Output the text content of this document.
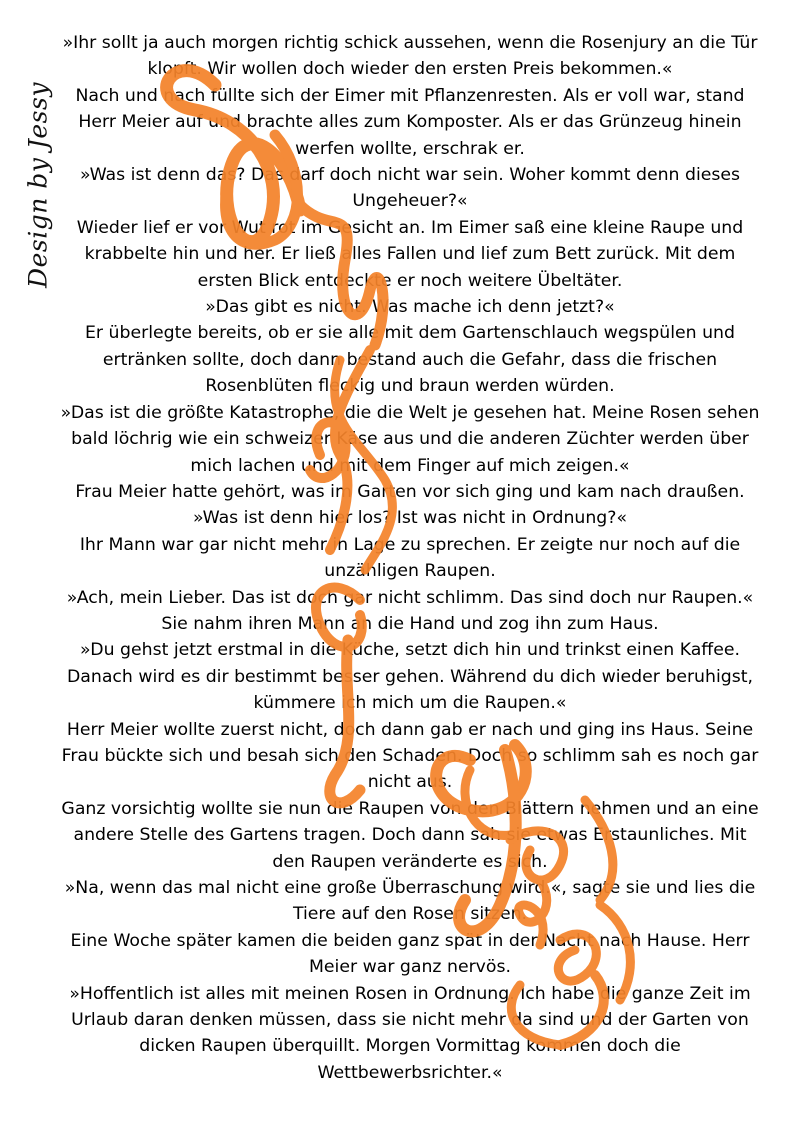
Design by Jessy
»Ihr sollt ja auch morgen richtig schick aussehen, wenn die Rosenjury an die Tür klopft. Wir wollen doch wieder den ersten Preis bekommen.«
Nach und nach füllte sich der Eimer mit Pflanzenresten. Als er voll war, stand Herr Meier auf und brachte alles zum Komposter. Als er das Grünzeug hinein werfen wollte, erschrak er.
»Was ist denn das? Das darf doch nicht war sein. Woher kommt denn dieses Ungeheuer?«
Wieder lief er vor Wut rot im Gesicht an. Im Eimer saß eine kleine Raupe und krabbelte hin und her. Er ließ alles Fallen und lief zum Bett zurück. Mit dem ersten Blick entdeckte er noch weitere Übeltäter.
»Das gibt es nicht. Was mache ich denn jetzt?«
Er überlegte bereits, ob er sie alle mit dem Gartenschlauch wegspülen und ertränken sollte, doch dann bestand auch die Gefahr, dass die frischen Rosenblüten fleckig und braun werden würden.
»Das ist die größte Katastrophe, die die Welt je gesehen hat. Meine Rosen sehen bald löchrig wie ein schweizer Käse aus und die anderen Züchter werden über mich lachen und mit dem Finger auf mich zeigen.«
Frau Meier hatte gehört, was im Garten vor sich ging und kam nach draußen.
»Was ist denn hier los? Ist was nicht in Ordnung?«
Ihr Mann war gar nicht mehr in Lage zu sprechen. Er zeigte nur noch auf die unzähligen Raupen.
»Ach, mein Lieber. Das ist doch gar nicht schlimm. Das sind doch nur Raupen.«
Sie nahm ihren Mann an die Hand und zog ihn zum Haus.
»Du gehst jetzt erstmal in die Küche, setzt dich hin und trinkst einen Kaffee. Danach wird es dir bestimmt besser gehen. Während du dich wieder beruhigst, kümmere ich mich um die Raupen.«
Herr Meier wollte zuerst nicht, doch dann gab er nach und ging ins Haus. Seine Frau bückte sich und besah sich den Schaden. Doch so schlimm sah es noch gar nicht aus.
Ganz vorsichtig wollte sie nun die Raupen von den Blättern nehmen und an eine andere Stelle des Gartens tragen. Doch dann sah sie etwas Erstaunliches. Mit den Raupen veränderte es sich.
»Na, wenn das mal nicht eine große Überraschung wird.«, sagte sie und lies die Tiere auf den Rosen sitzen.
Eine Woche später kamen die beiden ganz spät in der Nacht nach Hause. Herr Meier war ganz nervös.
»Hoffentlich ist alles mit meinen Rosen in Ordnung. Ich habe die ganze Zeit im Urlaub daran denken müssen, dass sie nicht mehr da sind und der Garten von dicken Raupen überquillt. Morgen Vormittag kommen doch die Wettbewerbsrichter.«
